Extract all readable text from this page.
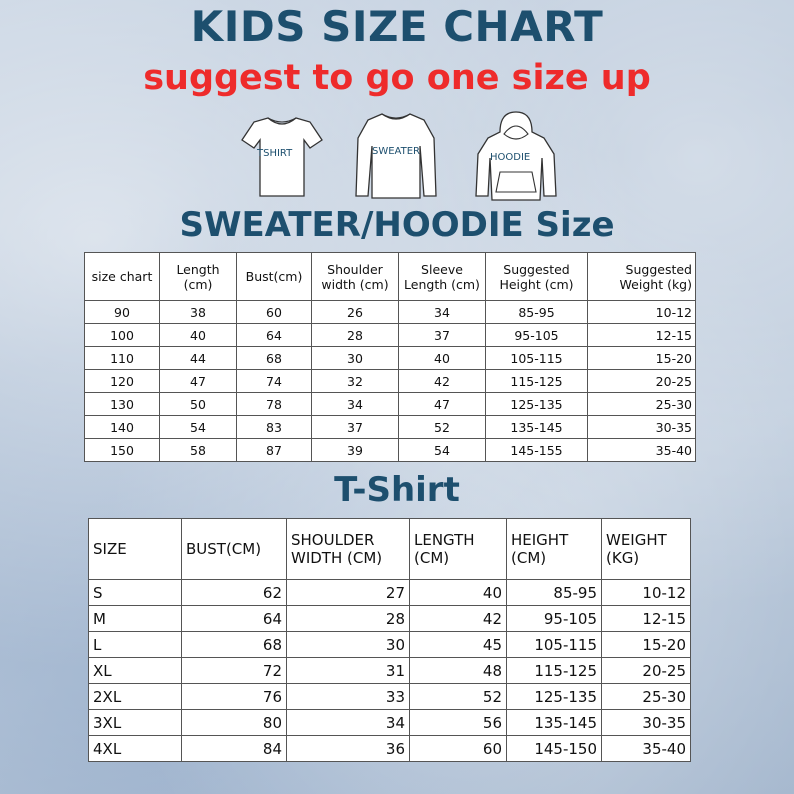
KIDS SIZE CHART
suggest to go one size up
TSHIRT	SWEATER
HOODIE
SWEATER/HOODIE Size
size chart	Length (cm)	Bust(cm)	Shoulder width (cm)	Sleeve Length (cm)	Suggested Height (cm)	Suggested Weight (kg)
90	38	60	26	34	85-95	10-12
100	40	64	28	37	95-105	12-15
110	44	68	30	40	105-115	15-20
120	47	74	32	42	115-125	20-25
130	50	78	34	47	125-135	25-30
140	54	83	37	52	135-145	30-35
150	58	87	39	54	145-155	35-40
T-Shirt
SIZE	BUST(CM)	SHOULDER WIDTH (CM)	LENGTH (CM)	HEIGHT (CM)	WEIGHT (KG)
S	62	27	40	85-95	10-12
M	64	28	42	95-105	12-15
L	68	30	45	105-115	15-20
XL	72	31	48	115-125	20-25
2XL	76	33	52	125-135	25-30
3XL	80	34	56	135-145	30-35
4XL	84	36	60	145-150	35-40
